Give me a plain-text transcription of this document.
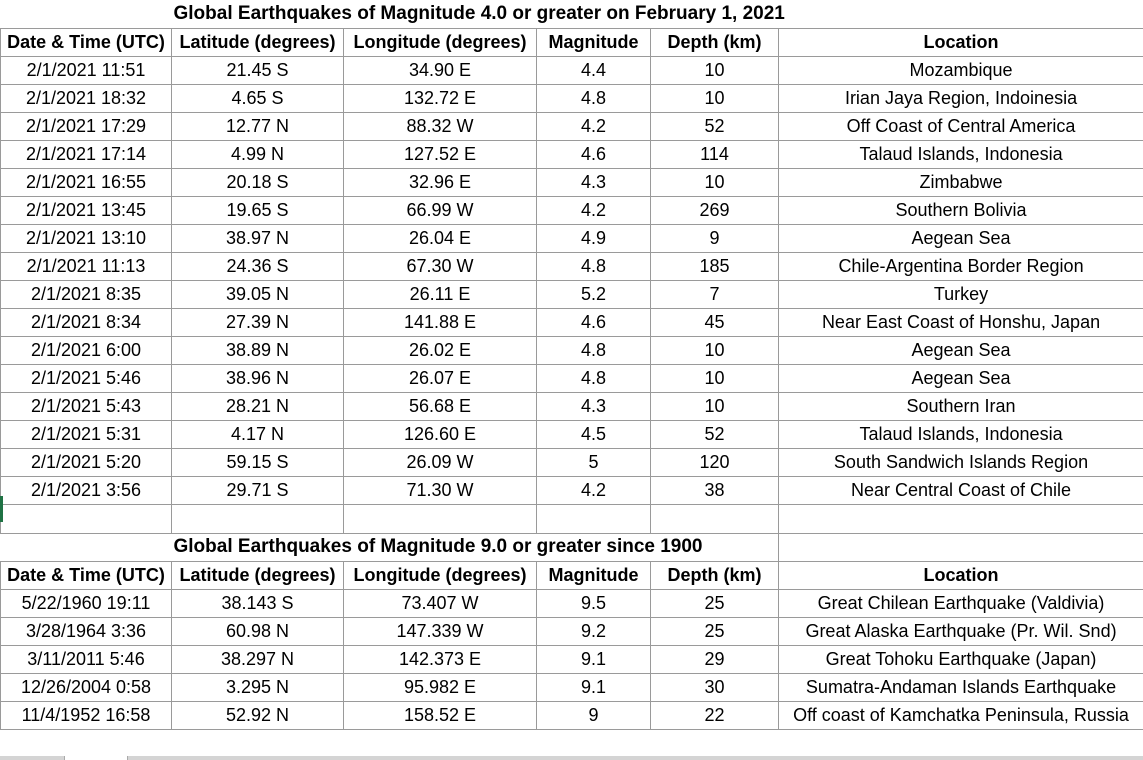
	Global Earthquakes of Magnitude 4.0 or greater on February 1, 2021				
Date & Time (UTC)	Latitude (degrees)	Longitude (degrees)	Magnitude	Depth (km)	Location
2/1/2021 11:51	21.45 S	34.90 E	4.4	10	Mozambique
2/1/2021 18:32	4.65 S	132.72 E	4.8	10	Irian Jaya Region, Indoinesia
2/1/2021 17:29	12.77 N	88.32 W	4.2	52	Off Coast of Central America
2/1/2021 17:14	4.99 N	127.52 E	4.6	114	Talaud Islands, Indonesia
2/1/2021 16:55	20.18 S	32.96 E	4.3	10	Zimbabwe
2/1/2021 13:45	19.65 S	66.99 W	4.2	269	Southern Bolivia
2/1/2021 13:10	38.97 N	26.04 E	4.9	9	Aegean Sea
2/1/2021 11:13	24.36 S	67.30 W	4.8	185	Chile-Argentina Border Region
2/1/2021 8:35	39.05 N	26.11 E	5.2	7	Turkey
2/1/2021 8:34	27.39 N	141.88 E	4.6	45	Near East Coast of Honshu, Japan
2/1/2021 6:00	38.89 N	26.02 E	4.8	10	Aegean Sea
2/1/2021 5:46	38.96 N	26.07 E	4.8	10	Aegean Sea
2/1/2021 5:43	28.21 N	56.68 E	4.3	10	Southern Iran
2/1/2021 5:31	4.17 N	126.60 E	4.5	52	Talaud Islands, Indonesia
2/1/2021 5:20	59.15 S	26.09 W	5	120	South Sandwich Islands Region
2/1/2021 3:56	29.71 S	71.30 W	4.2	38	Near Central Coast of Chile

	Global Earthquakes of Magnitude 9.0 or greater since 1900				
Date & Time (UTC)	Latitude (degrees)	Longitude (degrees)	Magnitude	Depth (km)	Location
5/22/1960 19:11	38.143 S	73.407 W	9.5	25	Great Chilean Earthquake (Valdivia)
3/28/1964 3:36	60.98 N	147.339 W	9.2	25	Great Alaska Earthquake (Pr. Wil. Snd)
3/11/2011 5:46	38.297 N	142.373 E	9.1	29	Great Tohoku Earthquake (Japan)
12/26/2004 0:58	3.295 N	95.982 E	9.1	30	Sumatra-Andaman Islands Earthquake
11/4/1952 16:58	52.92 N	158.52 E	9	22	Off coast of Kamchatka Peninsula, Russia
